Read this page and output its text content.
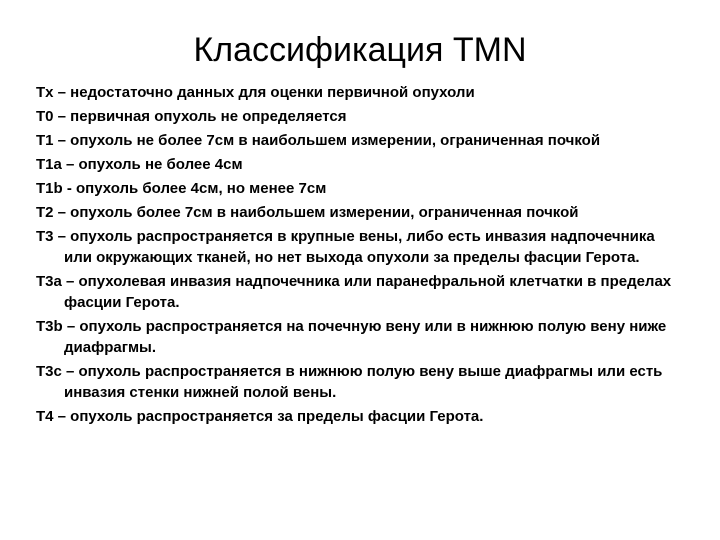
Классификация TMN
Tx – недостаточно данных для оценки первичной опухоли
T0 – первичная опухоль не определяется
T1 – опухоль не более 7см в наибольшем измерении, ограниченная почкой
T1a – опухоль не более 4см
T1b - опухоль более 4см, но менее 7см
T2 – опухоль более 7см в наибольшем измерении, ограниченная почкой
T3 – опухоль распространяется в крупные вены, либо есть инвазия надпочечника или окружающих тканей, но нет выхода опухоли за пределы фасции Герота.
T3a – опухолевая инвазия надпочечника или паранефральной клетчатки в пределах фасции Герота.
T3b – опухоль распространяется на почечную вену или в нижнюю полую вену ниже диафрагмы.
T3c – опухоль распространяется в нижнюю полую вену выше диафрагмы или есть инвазия стенки нижней полой вены.
T4 – опухоль распространяется за пределы фасции Герота.
